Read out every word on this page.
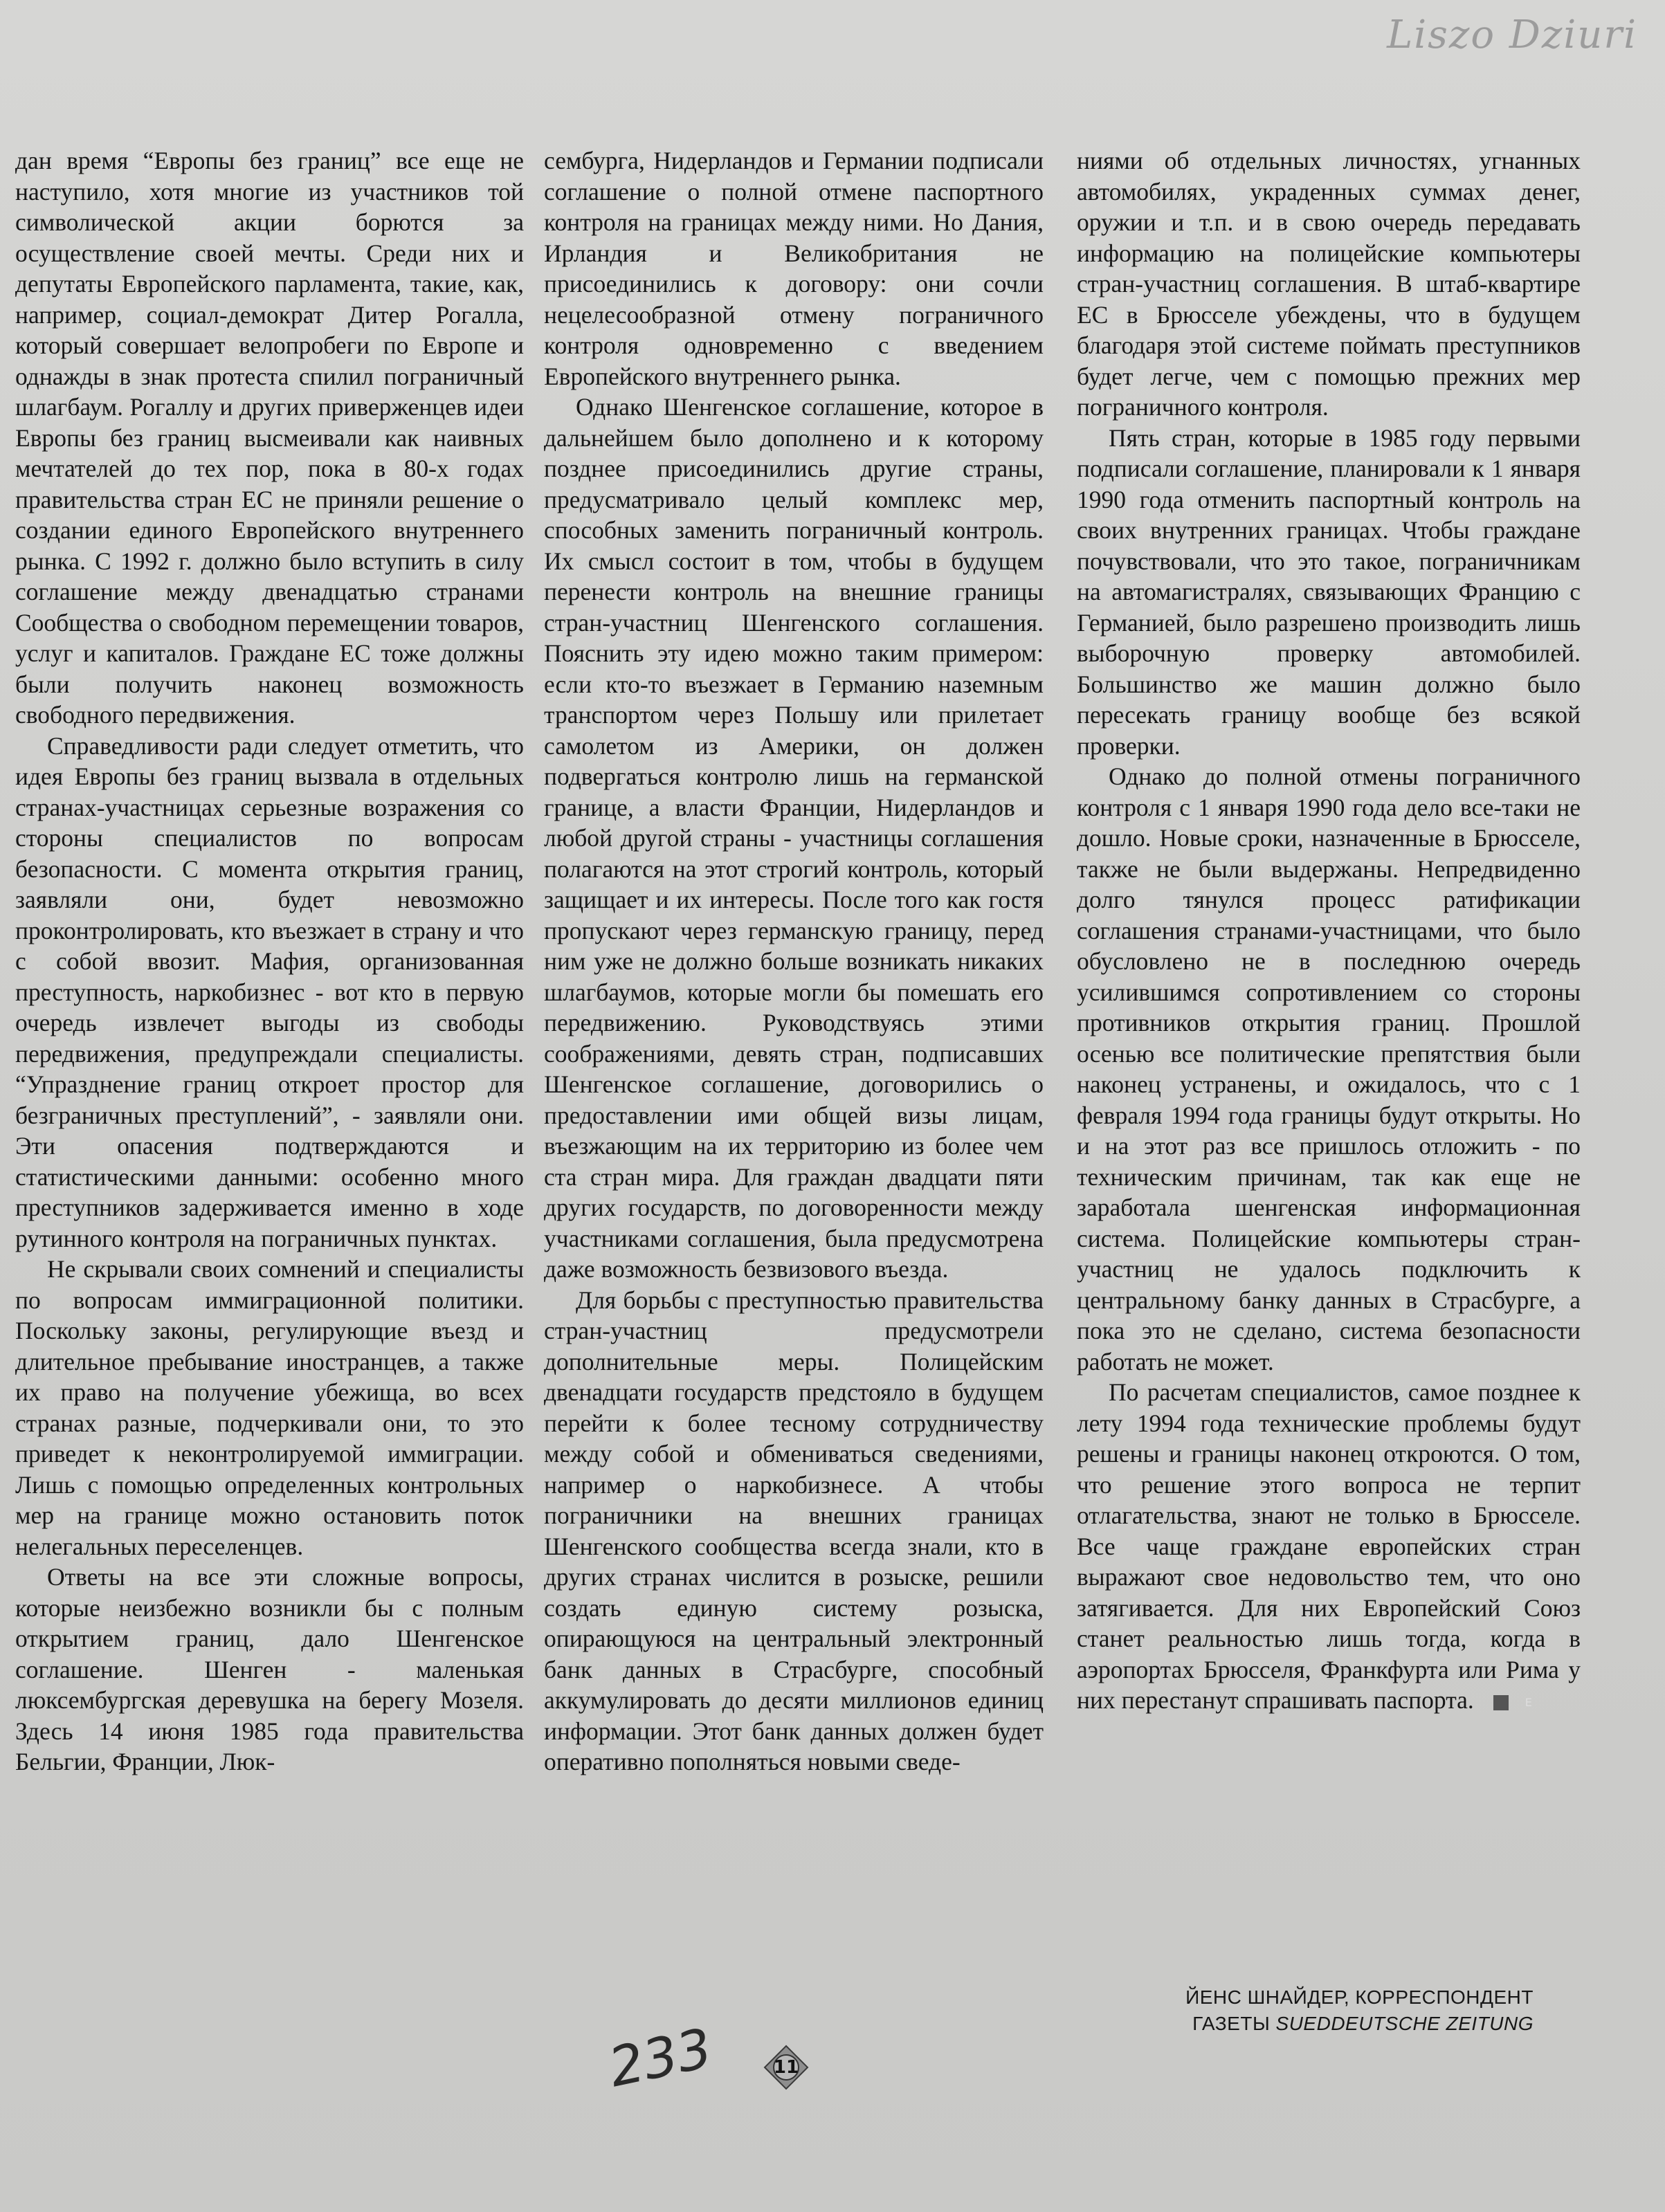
Liszo Dziuri

дан время “Европы без границ” все еще не наступило, хотя многие из участников той символической акции борются за осуществление своей мечты. Среди них и депутаты Европейского парламента, такие, как, например, социал-демократ Дитер Рогалла, который совершает велопробеги по Европе и однажды в знак протеста спилил пограничный шлагбаум. Рогаллу и других приверженцев идеи Европы без границ высмеивали как наивных мечтателей до тех пор, пока в 80-х годах правительства стран ЕС не приняли решение о создании единого Европейского внутреннего рынка. С 1992 г. должно было вступить в силу соглашение между двенадцатью странами Сообщества о свободном перемещении товаров, услуг и капиталов. Граждане ЕС тоже должны были получить наконец возможность свободного передвижения.

Справедливости ради следует отметить, что идея Европы без границ вызвала в отдельных странах-участницах серьезные возражения со стороны специалистов по вопросам безопасности. С момента открытия границ, заявляли они, будет невозможно проконтролировать, кто въезжает в страну и что с собой ввозит. Мафия, организованная преступность, наркобизнес - вот кто в первую очередь извлечет выгоды из свободы передвижения, предупреждали специалисты. “Упразднение границ откроет простор для безграничных преступлений”, - заявляли они. Эти опасения подтверждаются и статистическими данными: особенно много преступников задерживается именно в ходе рутинного контроля на пограничных пунктах.

Не скрывали своих сомнений и специалисты по вопросам иммиграционной политики. Поскольку законы, регулирующие въезд и длительное пребывание иностранцев, а также их право на получение убежища, во всех странах разные, подчеркивали они, то это приведет к неконтролируемой иммиграции. Лишь с помощью определенных контрольных мер на границе можно остановить поток нелегальных переселенцев.

Ответы на все эти сложные вопросы, которые неизбежно возникли бы с полным открытием границ, дало Шенгенское соглашение. Шенген - маленькая люксембургская деревушка на берегу Мозеля. Здесь 14 июня 1985 года правительства Бельгии, Франции, Люк-

сембурга, Нидерландов и Германии подписали соглашение о полной отмене паспортного контроля на границах между ними. Но Дания, Ирландия и Великобритания не присоединились к договору: они сочли нецелесообразной отмену пограничного контроля одновременно с введением Европейского внутреннего рынка.

Однако Шенгенское соглашение, которое в дальнейшем было дополнено и к которому позднее присоединились другие страны, предусматривало целый комплекс мер, способных заменить пограничный контроль. Их смысл состоит в том, чтобы в будущем перенести контроль на внешние границы стран-участниц Шенгенского соглашения. Пояснить эту идею можно таким примером: если кто-то въезжает в Германию наземным транспортом через Польшу или прилетает самолетом из Америки, он должен подвергаться контролю лишь на германской границе, а власти Франции, Нидерландов и любой другой страны - участницы соглашения полагаются на этот строгий контроль, который защищает и их интересы. После того как гостя пропускают через германскую границу, перед ним уже не должно больше возникать никаких шлагбаумов, которые могли бы помешать его передвижению. Руководствуясь этими соображениями, девять стран, подписавших Шенгенское соглашение, договорились о предоставлении ими общей визы лицам, въезжающим на их территорию из более чем ста стран мира. Для граждан двадцати пяти других государств, по договоренности между участниками соглашения, была предусмотрена даже возможность безвизового въезда.

Для борьбы с преступностью правительства стран-участниц предусмотрели дополнительные меры. Полицейским двенадцати государств предстояло в будущем перейти к более тесному сотрудничеству между собой и обмениваться сведениями, например о наркобизнесе. А чтобы пограничники на внешних границах Шенгенского сообщества всегда знали, кто в других странах числится в розыске, решили создать единую систему розыска, опирающуюся на центральный электронный банк данных в Страсбурге, способный аккумулировать до десяти миллионов единиц информации. Этот банк данных должен будет оперативно пополняться новыми сведе-

ниями об отдельных личностях, угнанных автомобилях, украденных суммах денег, оружии и т.п. и в свою очередь передавать информацию на полицейские компьютеры стран-участниц соглашения. В штаб-квартире ЕС в Брюсселе убеждены, что в будущем благодаря этой системе поймать преступников будет легче, чем с помощью прежних мер пограничного контроля.

Пять стран, которые в 1985 году первыми подписали соглашение, планировали к 1 января 1990 года отменить паспортный контроль на своих внутренних границах. Чтобы граждане почувствовали, что это такое, пограничникам на автомагистралях, связывающих Францию с Германией, было разрешено производить лишь выборочную проверку автомобилей. Большинство же машин должно было пересекать границу вообще без всякой проверки.

Однако до полной отмены пограничного контроля с 1 января 1990 года дело все-таки не дошло. Новые сроки, назначенные в Брюсселе, также не были выдержаны. Непредвиденно долго тянулся процесс ратификации соглашения странами-участницами, что было обусловлено не в последнюю очередь усилившимся сопротивлением со стороны противников открытия границ. Прошлой осенью все политические препятствия были наконец устранены, и ожидалось, что с 1 февраля 1994 года границы будут открыты. Но и на этот раз все пришлось отложить - по техническим причинам, так как еще не заработала шенгенская информационная система. Полицейские компьютеры стран-участниц не удалось подключить к центральному банку данных в Страсбурге, а пока это не сделано, система безопасности работать не может.

По расчетам специалистов, самое позднее к лету 1994 года технические проблемы будут решены и границы наконец откроются. О том, что решение этого вопроса не терпит отлагательства, знают не только в Брюсселе. Все чаще граждане европейских стран выражают свое недовольство тем, что оно затягивается. Для них Европейский Союз станет реальностью лишь тогда, когда в аэропортах Брюсселя, Франкфурта или Рима у них перестанут спрашивать паспорта.	E

ЙЕНС ШНАЙДЕР, КОРРЕСПОНДЕНТ
ГАЗЕТЫ SUEDDEUTSCHE ZEITUNG
233	11
